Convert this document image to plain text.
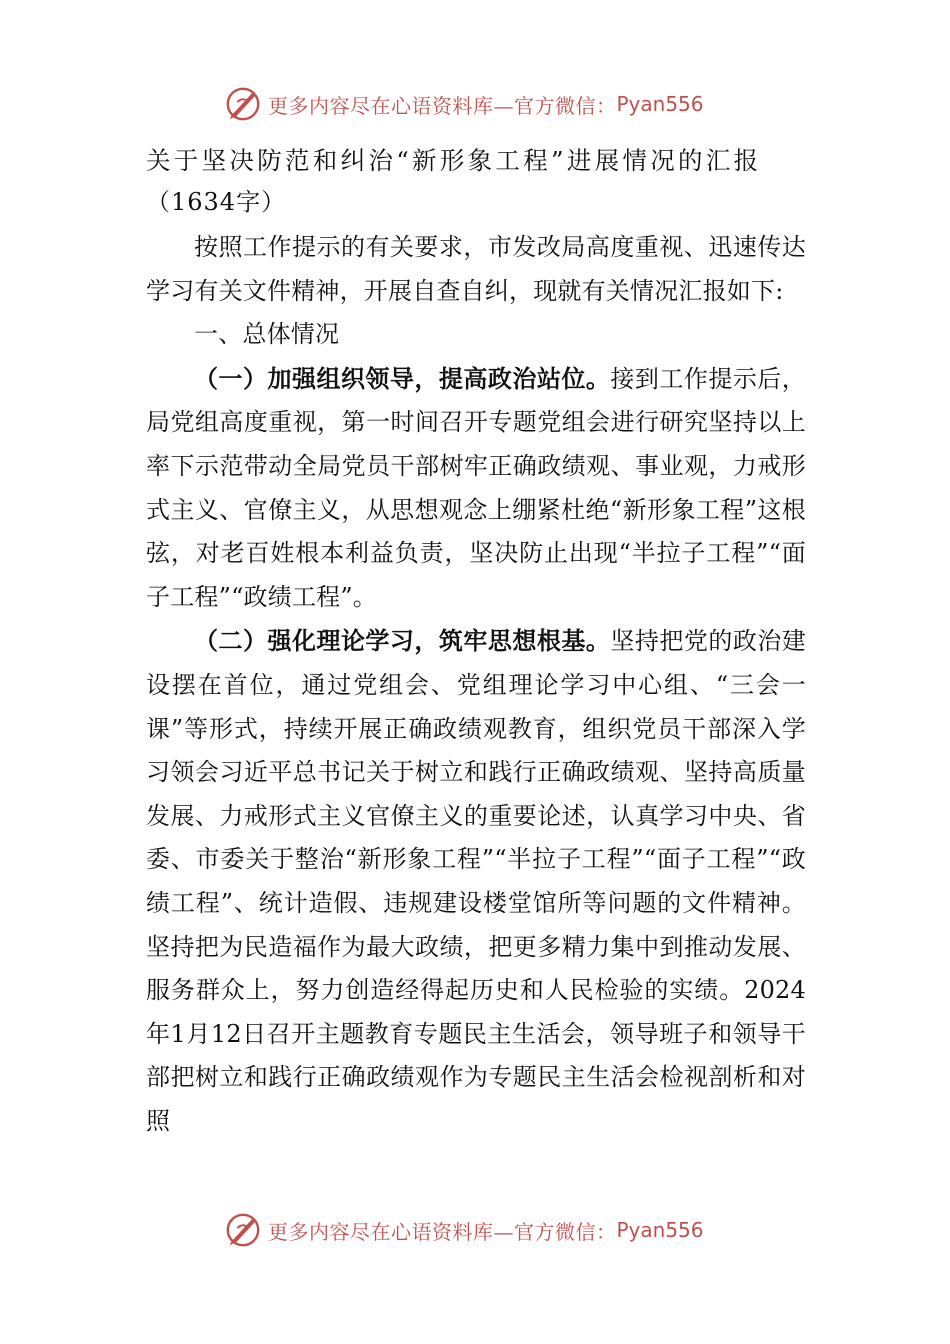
更多内容尽在心语资料库—官方微信： Pyan556
关于坚决防范和纠治“新形象工程”进展情况的汇报
（1634字）

按照工作提示的有关要求，市发改局高度重视、迅速传达学习有关文件精神，开展自查自纠，现就有关情况汇报如下:

一、总体情况

（一）加强组织领导，提高政治站位。接到工作提示后，局党组高度重视，第一时间召开专题党组会进行研究坚持以上率下示范带动全局党员干部树牢正确政绩观、事业观，力戒形式主义、官僚主义，从思想观念上绷紧杜绝“新形象工程”这根弦，对老百姓根本利益负责，坚决防止出现“半拉子工程”“面子工程”“政绩工程”。

（二）强化理论学习，筑牢思想根基。坚持把党的政治建设摆在首位，通过党组会、党组理论学习中心组、“三会一课”等形式，持续开展正确政绩观教育，组织党员干部深入学习领会习近平总书记关于树立和践行正确政绩观、坚持高质量发展、力戒形式主义官僚主义的重要论述，认真学习中央、省委、市委关于整治“新形象工程”“半拉子工程”“面子工程”“政绩工程”、统计造假、违规建设楼堂馆所等问题的文件精神。坚持把为民造福作为最大政绩，把更多精力集中到推动发展、服务群众上，努力创造经得起历史和人民检验的实绩。2024年1月12日召开主题教育专题民主生活会，领导班子和领导干部把树立和践行正确政绩观作为专题民主生活会检视剖析和对照

更多内容尽在心语资料库—官方微信： Pyan556
